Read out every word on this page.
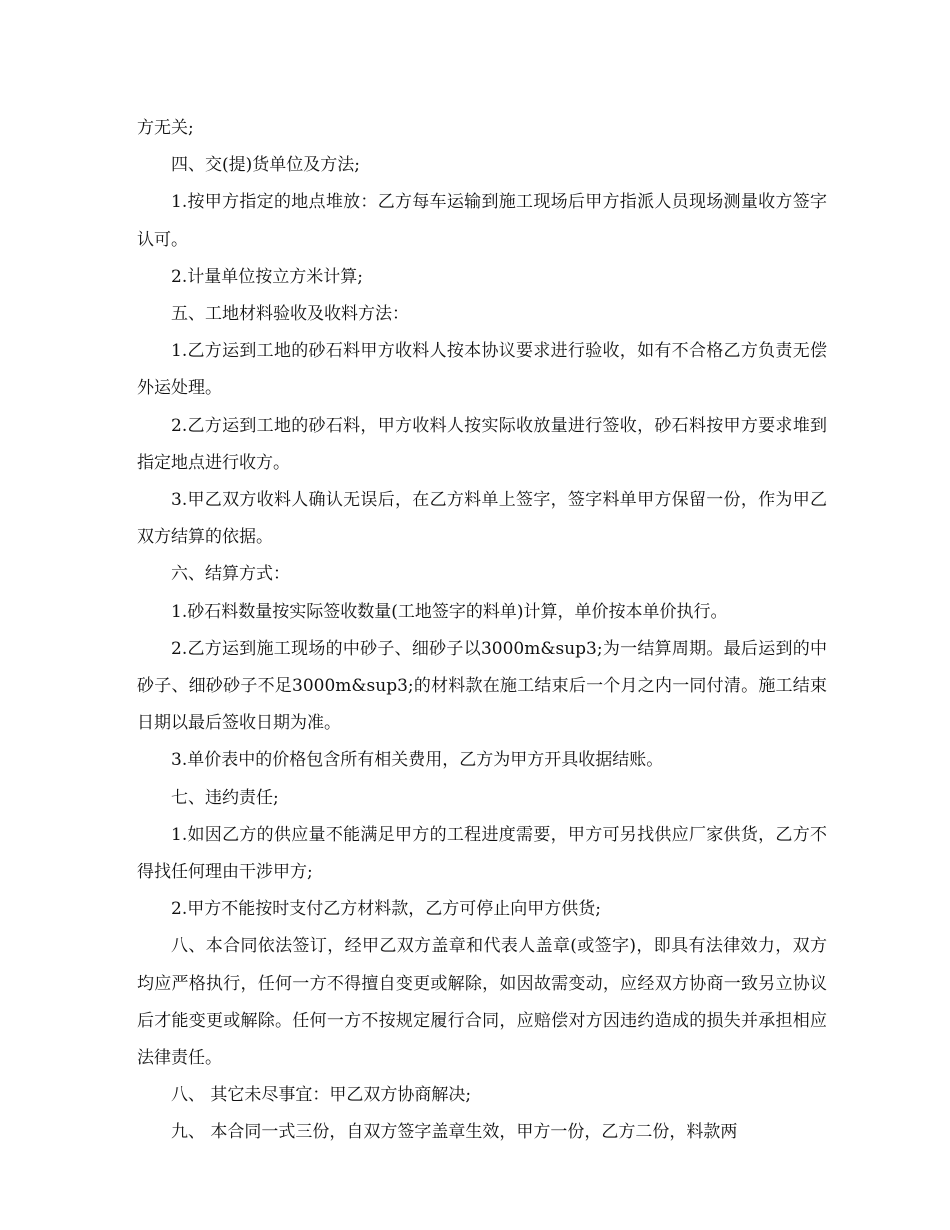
方无关;

四、交(提)货单位及方法;

1.按甲方指定的地点堆放：乙方每车运输到施工现场后甲方指派人员现场测量收方签字认可。

2.计量单位按立方米计算;

五、工地材料验收及收料方法：

1.乙方运到工地的砂石料甲方收料人按本协议要求进行验收，如有不合格乙方负责无偿外运处理。

2.乙方运到工地的砂石料，甲方收料人按实际收放量进行签收，砂石料按甲方要求堆到指定地点进行收方。

3.甲乙双方收料人确认无误后，在乙方料单上签字，签字料单甲方保留一份，作为甲乙双方结算的依据。

六、结算方式：

1.砂石料数量按实际签收数量(工地签字的料单)计算，单价按本单价执行。

2.乙方运到施工现场的中砂子、细砂子以3000m&sup3;为一结算周期。最后运到的中砂子、细砂砂子不足3000m&sup3;的材料款在施工结束后一个月之内一同付清。施工结束日期以最后签收日期为准。

3.单价表中的价格包含所有相关费用，乙方为甲方开具收据结账。

七、违约责任;

1.如因乙方的供应量不能满足甲方的工程进度需要，甲方可另找供应厂家供货，乙方不得找任何理由干涉甲方;

2.甲方不能按时支付乙方材料款，乙方可停止向甲方供货;

八、本合同依法签订，经甲乙双方盖章和代表人盖章(或签字)，即具有法律效力，双方均应严格执行，任何一方不得擅自变更或解除，如因故需变动，应经双方协商一致另立协议后才能变更或解除。任何一方不按规定履行合同，应赔偿对方因违约造成的损失并承担相应法律责任。

八、 其它未尽事宜：甲乙双方协商解决;

九、 本合同一式三份，自双方签字盖章生效，甲方一份，乙方二份，料款两
